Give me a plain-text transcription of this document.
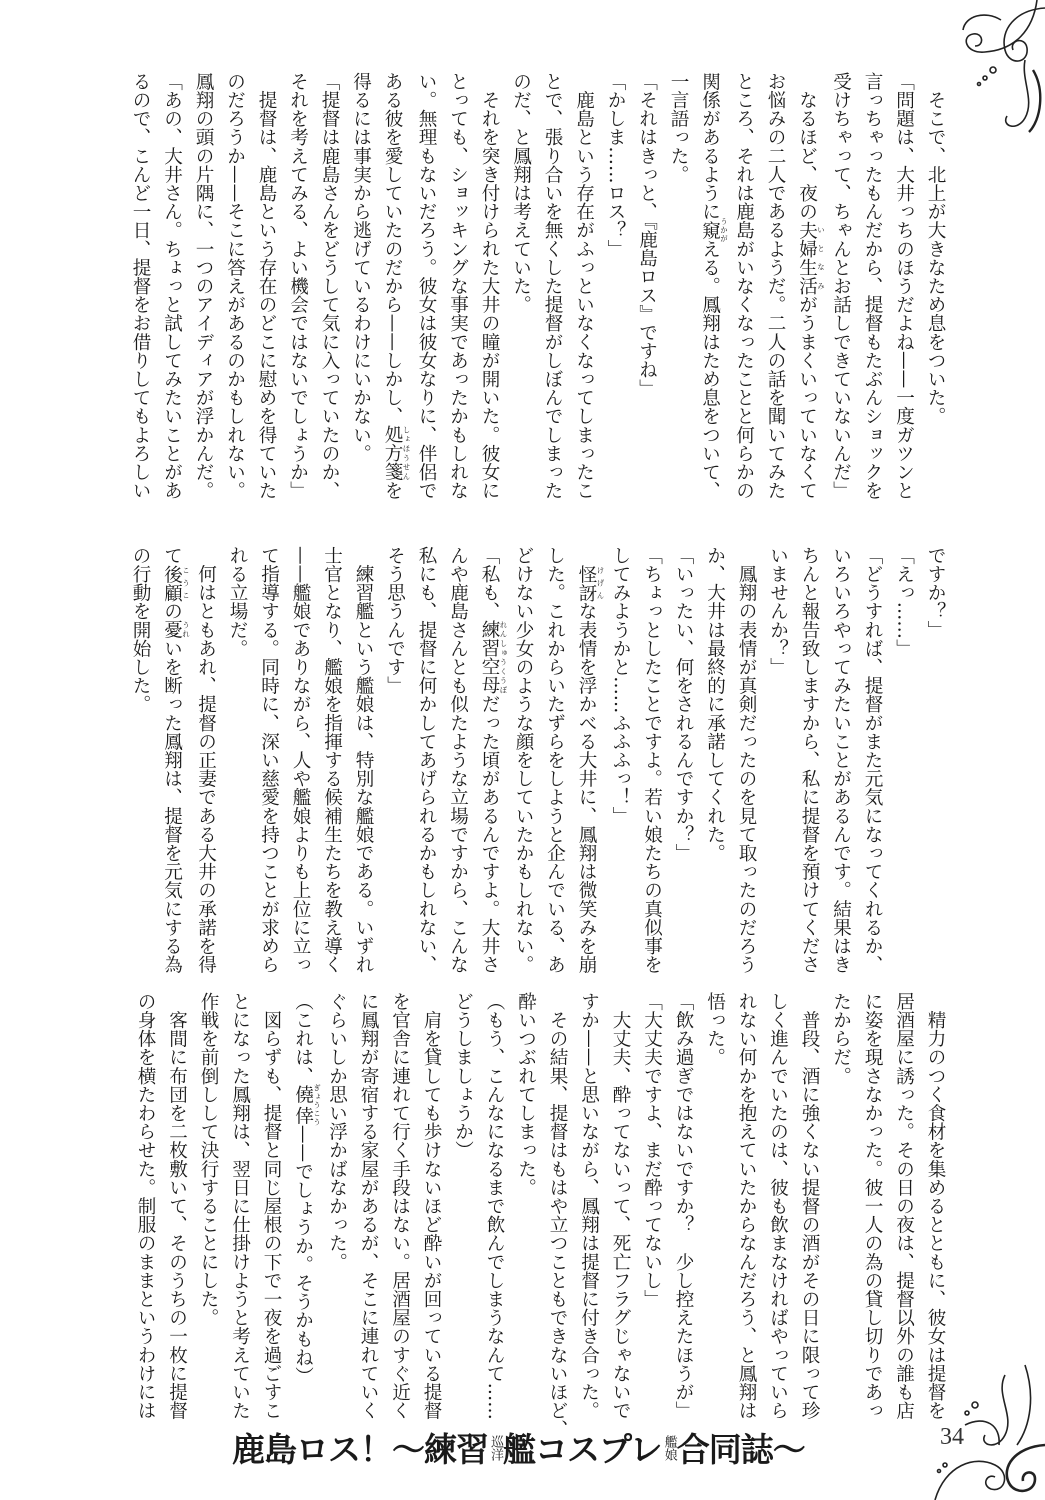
　精力のつく食材を集めるとともに、彼女は提督を
居酒屋に誘った。その日の夜は、提督以外の誰も店
に姿を現さなかった。彼一人の為の貸し切りであっ
たからだ。
　普段、酒に強くない提督の酒がその日に限って珍
しく進んでいたのは、彼も飲まなければやっていら
れない何かを抱えていたからなんだろう、と鳳翔は
悟った。
「飲み過ぎではないですか？　少し控えたほうが」
「大丈夫ですよ、まだ酔ってないし」
　大丈夫、酔ってないって、死亡フラグじゃないで
すか——と思いながら、鳳翔は提督に付き合った。
　その結果、提督はもはや立つこともできないほど、
酔いつぶれてしまった。
（もう、こんなになるまで飲んでしまうなんて……
どうしましょうか）
　肩を貸しても歩けないほど酔いが回っている提督
を官舎に連れて行く手段はない。居酒屋のすぐ近く
に鳳翔が寄宿する家屋があるが、そこに連れていく
ぐらいしか思い浮かばなかった。
（これは、僥倖 ぎょうこう——でしょうか。そうかもね）
　図らずも、提督と同じ屋根の下で一夜を過ごすこ
とになった鳳翔は、翌日に仕掛けようと考えていた
作戦を前倒しして決行することにした。
　客間に布団を二枚敷いて、そのうちの一枚に提督
の身体を横たわらせた。制服のままというわけには
ですか？」
「えっ……」
「どうすれば、提督がまた元気になってくれるか、
いろいろやってみたいことがあるんです。結果はき
ちんと報告致しますから、私に提督を預けてくださ
いませんか？」
　鳳翔の表情が真剣だったのを見て取ったのだろう
か、大井は最終的に承諾してくれた。
「いったい、何をされるんですか？」
「ちょっとしたことですよ。若い娘たちの真似事を
してみようかと……ふふふっ！」
　怪訝 けげんな表情を浮かべる大井に、鳳翔は微笑みを崩
した。これからいたずらをしようと企んでいる、あ
どけない少女のような顔をしていたかもしれない。
「私も、練習空母 れんしゅうくうぼだった頃があるんですよ。大井さ
んや鹿島さんとも似たような立場ですから、こんな
私にも、提督に何かしてあげられるかもしれない、
そう思うんです」
　練習艦という艦娘は、特別な艦娘である。いずれ
士官となり、艦娘を指揮する候補生たちを教え導く
——艦娘でありながら、人や艦娘よりも上位に立っ
て指導する。同時に、深い慈愛を持つことが求めら
れる立場だ。
　何はともあれ、提督の正妻である大井の承諾を得
て後顧 こうこの憂 うれいを断った鳳翔は、提督を元気にする為
の行動を開始した。
　そこで、北上が大きなため息をついた。
「問題は、大井っちのほうだよね——一度ガツンと
言っちゃったもんだから、提督もたぶんショックを
受けちゃって、ちゃんとお話しできていないんだ」
　なるほど、夜の夫婦生活 いとなみがうまくいっていなくて
お悩みの二人であるようだ。二人の話を聞いてみた
ところ、それは鹿島がいなくなったことと何らかの
関係があるように窺 うかがえる。鳳翔はため息をついて、
一言語った。
「それはきっと、『鹿島ロス』ですね」
「かしま……ロス？」
　鹿島という存在がふっといなくなってしまったこ
とで、張り合いを無くした提督がしぼんでしまった
のだ、と鳳翔は考えていた。
　それを突き付けられた大井の瞳が開いた。彼女に
とっても、ショッキングな事実であったかもしれな
い。無理もないだろう。彼女は彼女なりに、伴侶で
ある彼を愛していたのだから——しかし、処方箋 しょほうせんを
得るには事実から逃げているわけにいかない。
「提督は鹿島さんをどうして気に入っていたのか、
それを考えてみる、よい機会ではないでしょうか」
　提督は、鹿島という存在のどこに慰めを得ていた
のだろうか——そこに答えがあるのかもしれない。
鳳翔の頭の片隅に、一つのアイディアが浮かんだ。
「あの、大井さん。ちょっと試してみたいことがあ
るので、こんど一日、提督をお借りしてもよろしい
鹿島ロス！〜練習 巡洋 艦コスプレ 艦娘 合同誌〜	34
